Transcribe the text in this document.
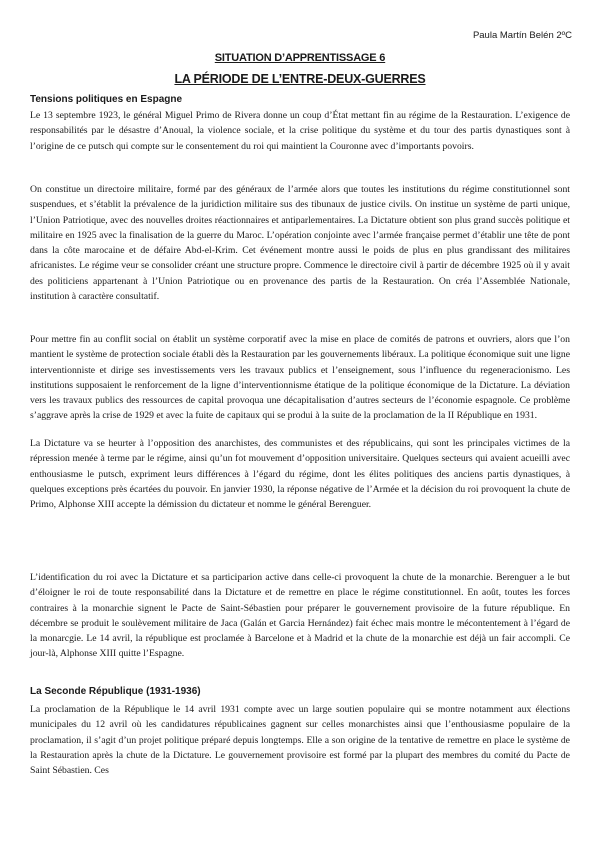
Paula Martín Belén 2ºC
SITUATION D’APPRENTISSAGE 6
LA PÉRIODE DE L’ENTRE-DEUX-GUERRES
Tensions politiques en Espagne

Le 13 septembre 1923, le général Miguel Primo de Rivera donne un coup d’État mettant fin au régime de la Restauration. L’exigence de responsabilités par le désastre d’Anoual, la violence sociale, et la crise politique du système et du tour des partis dynastiques sont à l’origine de ce putsch qui compte sur le consentement du roi qui maintient la Couronne avec d’importants povoirs.

On constitue un directoire militaire, formé par des généraux de l’armée alors que toutes les institutions du régime constitutionnel sont suspendues, et s’établit la prévalence de la juridiction militaire sus des tibunaux de justice civils. On institue un système de parti unique, l’Union Patriotique, avec des nouvelles droites réactionnaires et antiparlementaires. La Dictature obtient son plus grand succès politique et militaire en 1925 avec la finalisation de la guerre du Maroc. L’opération conjointe avec l’armée française permet d’établir une tête de pont dans la côte marocaine et de défaire Abd-el-Krim. Cet événement montre aussi le poids de plus en plus grandissant des militaires africanistes. Le régime veur se consolider créant une structure propre. Commence le directoire civil à partir de décembre 1925 où il y avait des politiciens appartenant à l’Union Patriotique ou en provenance des partis de la Restauration. On créa l’Assemblée Nationale, institution à caractère consultatif.

Pour mettre fin au conflit social on établit un système corporatif avec la mise en place de comités de patrons et ouvriers, alors que l’on mantient le système de protection sociale établi dès la Restauration par les gouvernements libéraux. La politique économique suit une ligne interventionniste et dirige ses investissements vers les travaux publics et l’enseignement, sous l’influence du regeneracionismo. Les institutions supposaient le renforcement de la ligne d’interventionnisme étatique de la politique économique de la Dictature. La déviation vers les travaux publics des ressources de capital provoqua une décapitalisation d’autres secteurs de l’économie espagnole. Ce problème s’aggrave après la crise de 1929 et avec la fuite de capitaux qui se produi à la suite de la proclamation de la II République en 1931.

La Dictature va se heurter à l’opposition des anarchistes, des communistes et des républicains, qui sont les principales victimes de la répression menée à terme par le régime, ainsi qu’un fot mouvement d’opposition universitaire. Quelques secteurs qui avaient acueilli avec enthousiasme le putsch, expriment leurs différences à l’égard du régime, dont les élites politiques des anciens partis dynastiques, à quelques exceptions près écartées du pouvoir. En janvier 1930, la réponse négative de l’Armée et la décision du roi provoquent la chute de Primo, Alphonse XIII accepte la démission du dictateur et nomme le général Berenguer.

L’identification du roi avec la Dictature et sa participarion active dans celle-ci provoquent la chute de la monarchie. Berenguer a le but d’éloigner le roi de toute responsabilité dans la Dictature et de remettre en place le régime constitutionnel. En août, toutes les forces contraires à la monarchie signent le Pacte de Saint-Sébastien pour préparer le gouvernement provisoire de la future république. En décembre se produit le soulèvement militaire de Jaca (Galán et Garcia Hernández) fait échec mais montre le mécontentement à l’égard de la monarcgie. Le 14 avril, la république est proclamée à Barcelone et à Madrid et la chute de la monarchie est déjà un fair accompli. Ce jour-là, Alphonse XIII quitte l’Espagne.

La Seconde République (1931-1936)

La proclamation de la République le 14 avril 1931 compte avec un large soutien populaire qui se montre notamment aux élections municipales du 12 avril où les candidatures républicaines gagnent sur celles monarchistes ainsi que l’enthousiasme populaire de la proclamation, il s’agit d’un projet politique préparé depuis longtemps. Elle a son origine de la tentative de remettre en place le système de la Restauration après la chute de la Dictature. Le gouvernement provisoire est formé par la plupart des membres du comité du Pacte de Saint Sébastien. Ces
